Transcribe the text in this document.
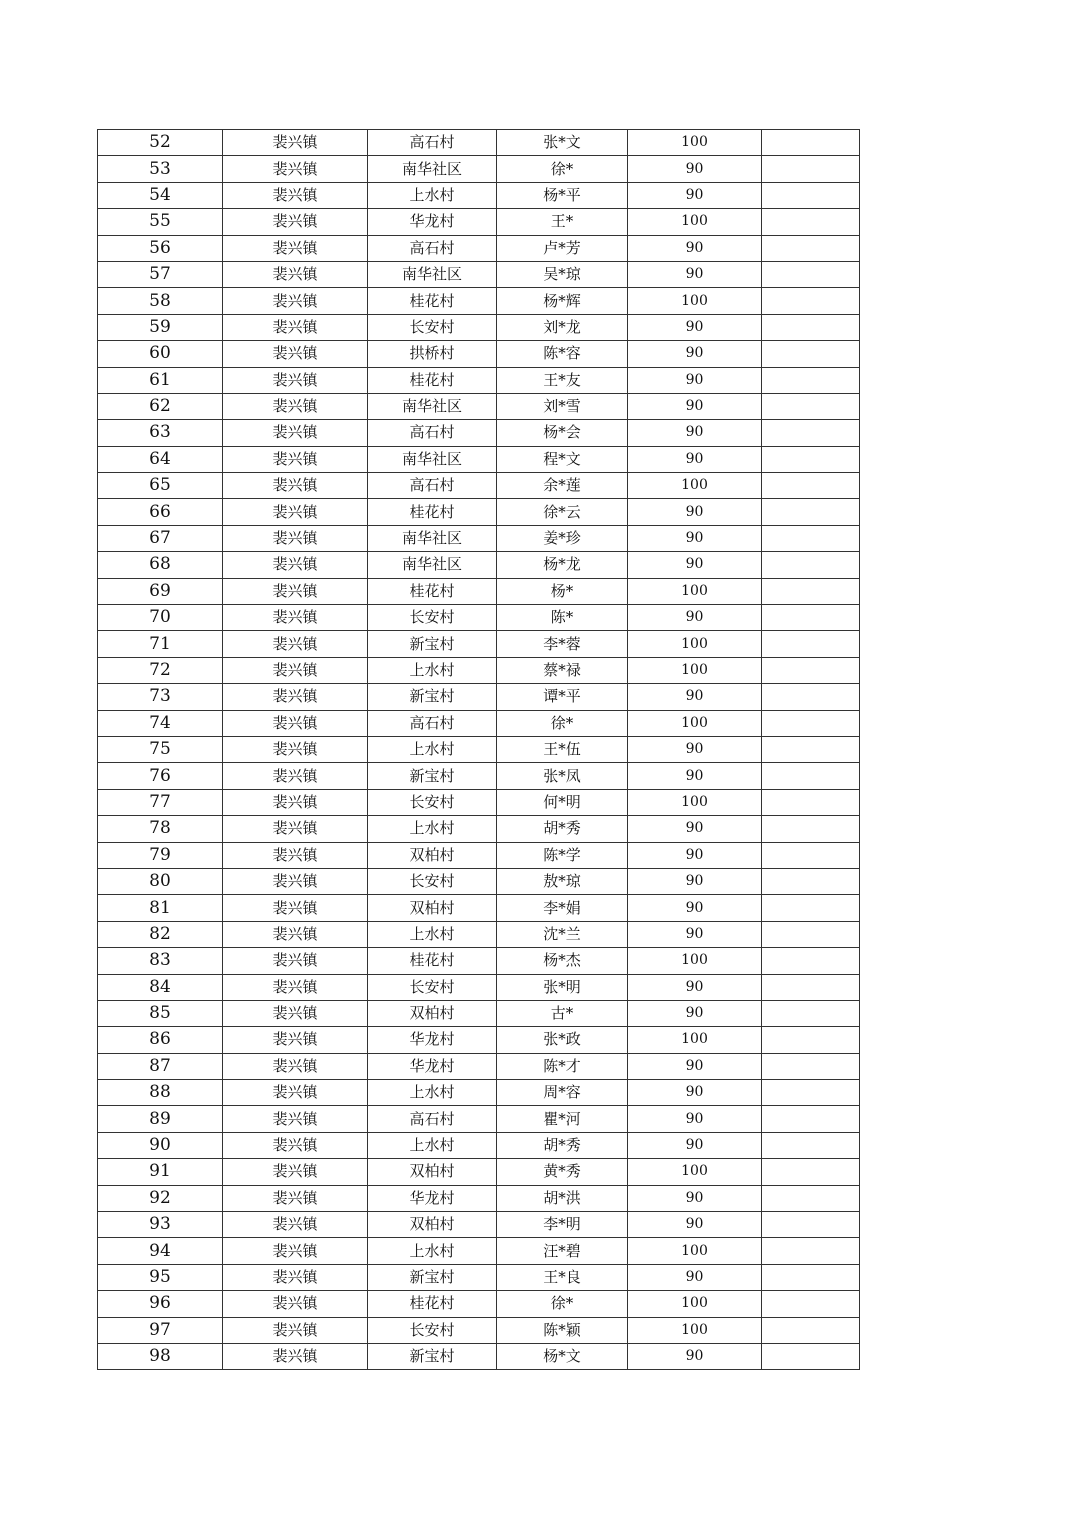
52	裴兴镇	高石村	张*文	100	
53	裴兴镇	南华社区	徐*	90	
54	裴兴镇	上水村	杨*平	90	
55	裴兴镇	华龙村	王*	100	
56	裴兴镇	高石村	卢*芳	90	
57	裴兴镇	南华社区	吴*琼	90	
58	裴兴镇	桂花村	杨*辉	100	
59	裴兴镇	长安村	刘*龙	90	
60	裴兴镇	拱桥村	陈*容	90	
61	裴兴镇	桂花村	王*友	90	
62	裴兴镇	南华社区	刘*雪	90	
63	裴兴镇	高石村	杨*会	90	
64	裴兴镇	南华社区	程*文	90	
65	裴兴镇	高石村	余*莲	100	
66	裴兴镇	桂花村	徐*云	90	
67	裴兴镇	南华社区	姜*珍	90	
68	裴兴镇	南华社区	杨*龙	90	
69	裴兴镇	桂花村	杨*	100	
70	裴兴镇	长安村	陈*	90	
71	裴兴镇	新宝村	李*蓉	100	
72	裴兴镇	上水村	蔡*禄	100	
73	裴兴镇	新宝村	谭*平	90	
74	裴兴镇	高石村	徐*	100	
75	裴兴镇	上水村	王*伍	90	
76	裴兴镇	新宝村	张*凤	90	
77	裴兴镇	长安村	何*明	100	
78	裴兴镇	上水村	胡*秀	90	
79	裴兴镇	双柏村	陈*学	90	
80	裴兴镇	长安村	敖*琼	90	
81	裴兴镇	双柏村	李*娟	90	
82	裴兴镇	上水村	沈*兰	90	
83	裴兴镇	桂花村	杨*杰	100	
84	裴兴镇	长安村	张*明	90	
85	裴兴镇	双柏村	古*	90	
86	裴兴镇	华龙村	张*政	100	
87	裴兴镇	华龙村	陈*才	90	
88	裴兴镇	上水村	周*容	90	
89	裴兴镇	高石村	瞿*河	90	
90	裴兴镇	上水村	胡*秀	90	
91	裴兴镇	双柏村	黄*秀	100	
92	裴兴镇	华龙村	胡*洪	90	
93	裴兴镇	双柏村	李*明	90	
94	裴兴镇	上水村	汪*碧	100	
95	裴兴镇	新宝村	王*良	90	
96	裴兴镇	桂花村	徐*	100	
97	裴兴镇	长安村	陈*颖	100	
98	裴兴镇	新宝村	杨*文	90	
